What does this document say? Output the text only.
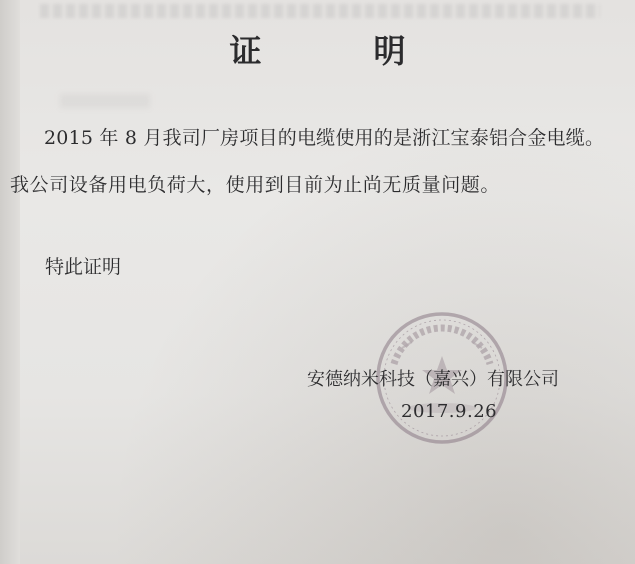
证　明
2015 年 8 月我司厂房项目的电缆使用的是浙江宝泰铝合金电缆。
我公司设备用电负荷大，使用到目前为止尚无质量问题。
特此证明
安德纳米科技（嘉兴）有限公司
2017.9.26
